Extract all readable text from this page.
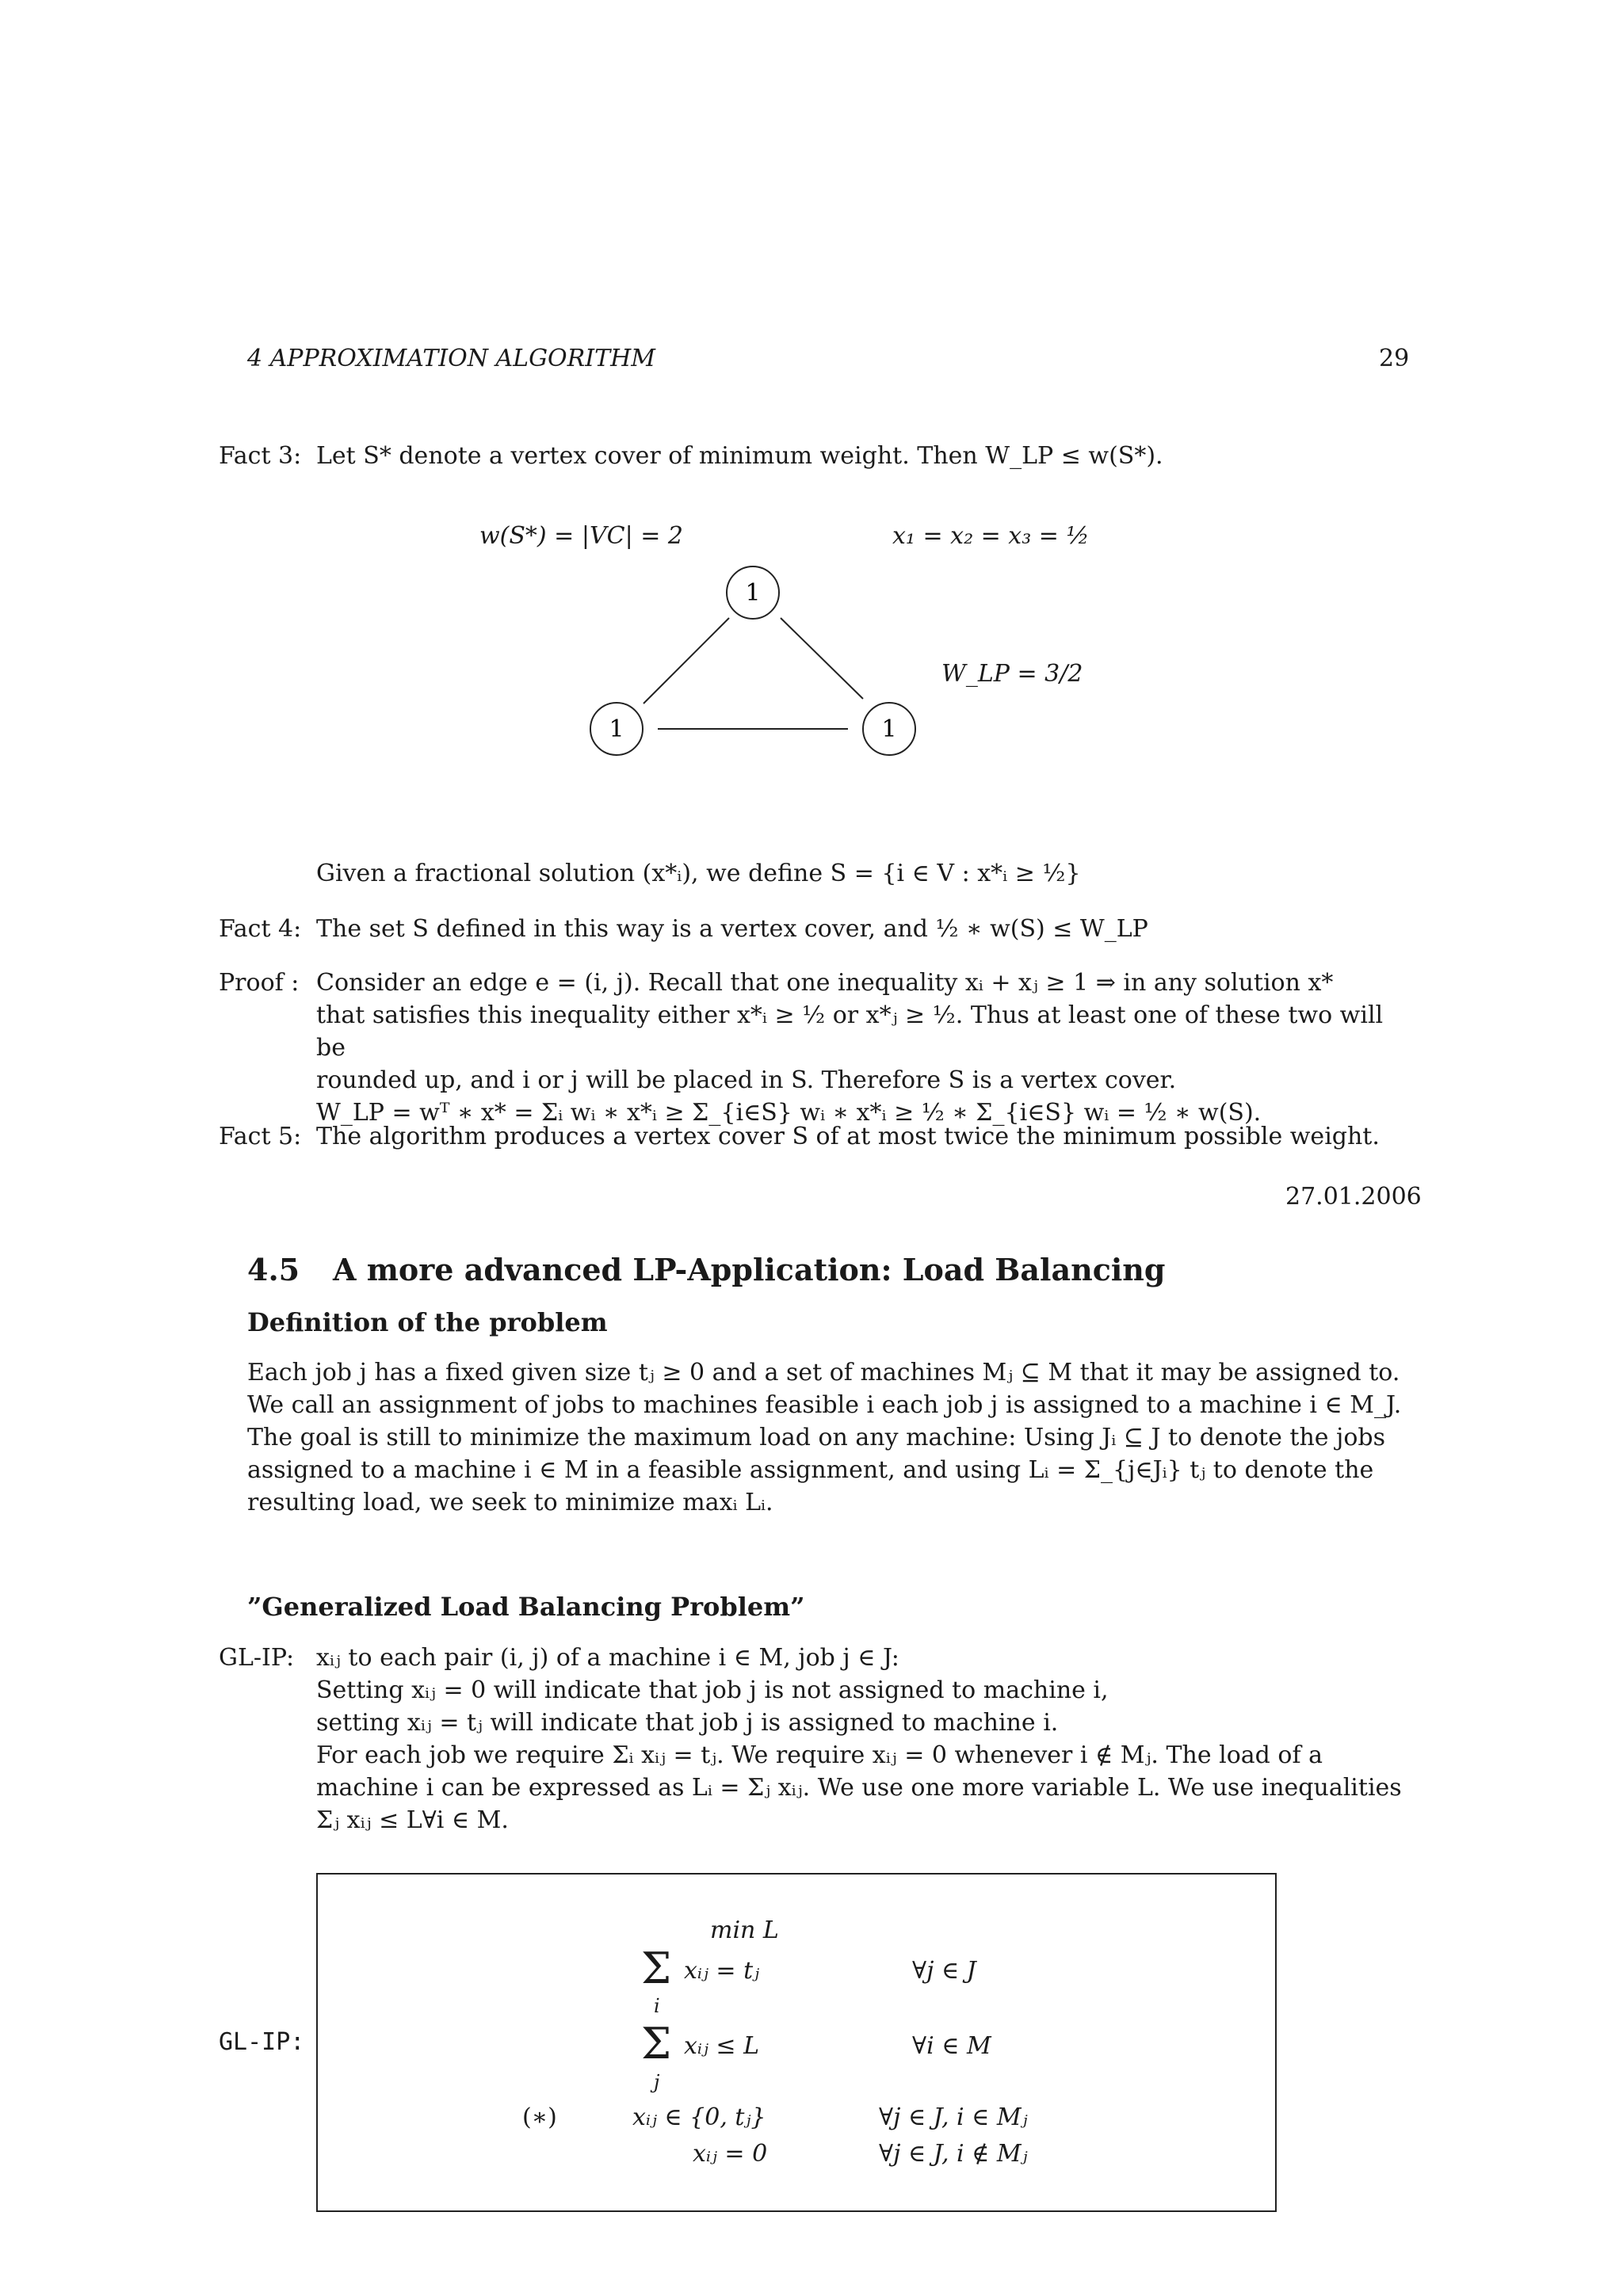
4 APPROXIMATION ALGORITHM	29
Fact 3: Let S* denote a vertex cover of minimum weight. Then W_LP ≤ w(S*).
w(S*) = |VC| = 2	x₁ = x₂ = x₃ = ½
W_LP = 3/2
1
1	1
Given a fractional solution (x*ᵢ), we define S = {i ∈ V : x*ᵢ ≥ ½}
Fact 4: The set S defined in this way is a vertex cover, and ½ ∗ w(S) ≤ W_LP
Proof : Consider an edge e = (i, j). Recall that one inequality xᵢ + xⱼ ≥ 1 ⇒ in any solution x*

that satisfies this inequality either x*ᵢ ≥ ½ or x*ⱼ ≥ ½. Thus at least one of these two will be

rounded up, and i or j will be placed in S. Therefore S is a vertex cover.

W_LP = wᵀ ∗ x* = Σᵢ wᵢ ∗ x*ᵢ ≥ Σ_{i∈S} wᵢ ∗ x*ᵢ ≥ ½ ∗ Σ_{i∈S} wᵢ = ½ ∗ w(S).

Fact 5: The algorithm produces a vertex cover S of at most twice the minimum possible weight.
27.01.2006
4.5 A more advanced LP-Application: Load Balancing
Definition of the problem

Each job j has a fixed given size tⱼ ≥ 0 and a set of machines Mⱼ ⊆ M that it may be assigned to.

We call an assignment of jobs to machines feasible i each job j is assigned to a machine i ∈ M_J.

The goal is still to minimize the maximum load on any machine: Using Jᵢ ⊆ J to denote the jobs

assigned to a machine i ∈ M in a feasible assignment, and using Lᵢ = Σ_{j∈Jᵢ} tⱼ to denote the

resulting load, we seek to minimize maxᵢ Lᵢ.

”Generalized Load Balancing Problem”
GL-IP: xᵢⱼ to each pair (i, j) of a machine i ∈ M, job j ∈ J:

Setting xᵢⱼ = 0 will indicate that job j is not assigned to machine i,

setting xᵢⱼ = tⱼ will indicate that job j is assigned to machine i.

For each job we require Σᵢ xᵢⱼ = tⱼ. We require xᵢⱼ = 0 whenever i ∉ Mⱼ. The load of a

machine i can be expressed as Lᵢ = Σⱼ xᵢⱼ. We use one more variable L. We use inequalities

Σⱼ xᵢⱼ ≤ L∀i ∈ M.

GL-IP:
min L
Σ
i
xᵢⱼ = tⱼ	∀j ∈ J
Σ
j
xᵢⱼ ≤ L	∀i ∈ M
(∗)	xᵢⱼ ∈ {0, tⱼ}	∀j ∈ J, i ∈ Mⱼ
xᵢⱼ = 0	∀j ∈ J, i ∉ Mⱼ
